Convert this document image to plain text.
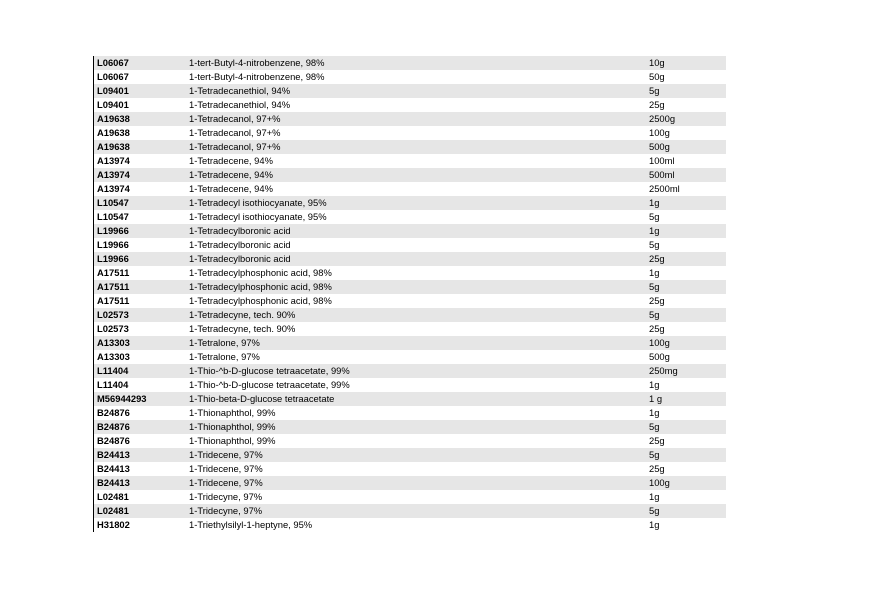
L06067	1-tert-Butyl-4-nitrobenzene, 98%	10g
L06067	1-tert-Butyl-4-nitrobenzene, 98%	50g
L09401	1-Tetradecanethiol, 94%	5g
L09401	1-Tetradecanethiol, 94%	25g
A19638	1-Tetradecanol, 97+%	2500g
A19638	1-Tetradecanol, 97+%	100g
A19638	1-Tetradecanol, 97+%	500g
A13974	1-Tetradecene, 94%	100ml
A13974	1-Tetradecene, 94%	500ml
A13974	1-Tetradecene, 94%	2500ml
L10547	1-Tetradecyl isothiocyanate, 95%	1g
L10547	1-Tetradecyl isothiocyanate, 95%	5g
L19966	1-Tetradecylboronic acid	1g
L19966	1-Tetradecylboronic acid	5g
L19966	1-Tetradecylboronic acid	25g
A17511	1-Tetradecylphosphonic acid, 98%	1g
A17511	1-Tetradecylphosphonic acid, 98%	5g
A17511	1-Tetradecylphosphonic acid, 98%	25g
L02573	1-Tetradecyne, tech. 90%	5g
L02573	1-Tetradecyne, tech. 90%	25g
A13303	1-Tetralone, 97%	100g
A13303	1-Tetralone, 97%	500g
L11404	1-Thio-^b-D-glucose tetraacetate, 99%	250mg
L11404	1-Thio-^b-D-glucose tetraacetate, 99%	1g
M56944293	1-Thio-beta-D-glucose tetraacetate	1 g
B24876	1-Thionaphthol, 99%	1g
B24876	1-Thionaphthol, 99%	5g
B24876	1-Thionaphthol, 99%	25g
B24413	1-Tridecene, 97%	5g
B24413	1-Tridecene, 97%	25g
B24413	1-Tridecene, 97%	100g
L02481	1-Tridecyne, 97%	1g
L02481	1-Tridecyne, 97%	5g
H31802	1-Triethylsilyl-1-heptyne, 95%	1g
